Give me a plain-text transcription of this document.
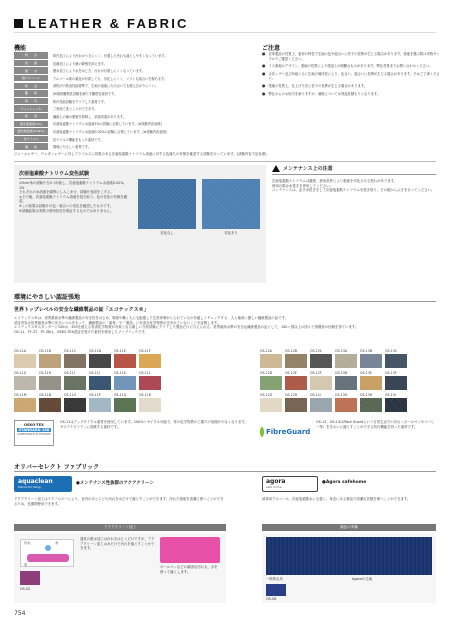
LEATHER & FABRIC
機能
防　　水	防汚加工により汚れがつきにくく、付着した汚れも落としやすくなっています。
抗　　菌	抗菌加工により菌の繁殖を抑えます。
撥　　水	撥水加工により水をはじき、汚れが付着しにくくなっています。
耐アルコール	アルコール系の薬品が付着しても、劣化しにくく、ソフトな風合いを保ちます。
防　　炎	消防法の防炎性能基準で、生地の表面に火が点いても燃え広がりにくい。
難　　燃	JIS規格難燃性試験を満たす難燃性素材です。
防　　汚	防汚性能試験をクリアした素材です。
ウォッシャブル	ご家庭で洗うことができます。
防　　臭	繊維上の菌の繁殖を抑制し、消臭効果があります。
耐次亜塩素(1%)	次亜塩素酸ナトリウム水溶液1%の試験に合格しています。(※試験内容参照)
耐次亜塩素(0.02%)	次亜塩素酸ナトリウム水溶液0.02%の試験に合格しています。(※試験内容参照)
抗ウイルス	抗ウイルス機能をもった素材です。
機　　能	環境にやさしい素材です。
ご注意
● 皮革製品の性質上、素材の特性で生地の色や風合いに若干の差異が生じる場合があります。張地を選ぶ際は実物サンプルでご確認ください。
● イス張地のデザイン、張地の性質により張加工が困難なものがあります。弊社営業までお問い合わせください。
● 合皮レザー及び布地ともに生地の個体差により、色合い、風合いに差異が生じる場合があります。予めご了承ください。
● 張地の性質上、仕上げ寸法に若干の差異が生じる場合があります。
● 弊社からのお取引を承りますが、価格については別途見積もりとなります。
ビニールレザー、ウレタンレザーに対してウイルスに効果のある次亜塩素酸ナトリウム溶液に対する色落ちの有無を確認する試験を行っています。(試験内容下記参照)
次亜塩素酸ナトリウム変色試験
①5cm角の試験片を2つ用意し、次亜塩素酸ナトリウム水溶液0.02%、1%
それぞれの水溶液を綿棒にしみこませ、試験片表面をこする。
②その後、次亜塩素酸ナトリウム溶液を拭き取り、色の変化の有無を確認。
※この結果は試験片の色・風合いの変化を確認したものです。
※試験結果は実際の使用状況を保証するものではありません。
変化なし	変化あり
メンテナンス上の注意
次亜塩素酸ナトリウムは濃度、使用条件により張地を劣化させる恐れがあります。
使用の際は水拭きを併用してください。
メンテナンスは、必ず水拭きをして次亜塩素酸ナトリウムを拭き取り、その後からぶきを行ってください。
環境にやさしい認証張地
世界トップレベルの安全な繊維製品の証「エコテックス®」
エコテックス®は、世界最高水準の繊維製品の安全性をはじめ、環境や働く人にも配慮した生産体制がとられているかを厳しくチェックする、人と地球に優しい繊維製品の証です。
認証内容は世界最高水準の安全レベルをもって、繊維製品の「素材」や「製品」に有害な化学物質が含まれていないことを証明します。
エコテックス®スタンダード100は、350を超える有害化学物質が対象となる厳しい分析試験にクリアした製品だけに与えられる、世界最高水準の安全な繊維製品の証として、100ヶ国以上の国々で消費者の信頼を得ています。
OS-11、FF-37、FF-38は、OEKO-TEX認証を受けた素材を使用したファブリックです。
OS-11A	OS-11B	OS-11C	OS-11D	OS-11E	OS-11F
OS-11G	OS-11H	OS-11I	OS-11J	OS-11K	OS-11L
OS-11M	OS-11N	OS-11O	OS-11P	OS-11Q	OS-11R
OS-12A	OS-12B	OS-12C	OS-13A	OS-13B	OS-13C
OS-12D	OS-12E	OS-12F	OS-13D	OS-13E	OS-13F
OS-12G	OS-12H	OS-12I	OS-13G	OS-13H	OS-13I
OEKO-TEX
STANDARD 100
CONFIDENCE IN TEXTILES
OS-11はアップサイクル素材を使用しています。100%リサイクル可能で、体の化学物質の工場での処理が少なくなります。サステナビリティに貢献する素材です。
FibreGuard
OS-12、OS-13はFibre Guardという日常生活での汚れ（ボールペンやコーヒー等）をきれいに落とすことができる防汚機能を持った素材です。
オリバーセレクト ファブリック
aquaclean
fabrics for living
●メンテナンス性抜群のアクアクリーン
アクアクリーン加工はテクノロジーにより、室内のほとんどの汚れを水だけで落とすことができます。汚れた張地を清潔に保つことができるため、長期間使用できます。
agora
safe home
●Agora safehome
消毒用アルコール、次亜塩素酸水にも強く、身近にある薬品で清潔な状態を保つことができます。
アクアクリーン加工
汚れ	水
布
通常の撥水加工は汚れをはじくだけですが、アクアクリーン加工は水だけで汚れを落とすことができます。
ボールペンなどの頑固な汚れも、水を使って落とします。
OS-02
顔色の実験
一般的な布	Agoraの生地
OS-08
754
